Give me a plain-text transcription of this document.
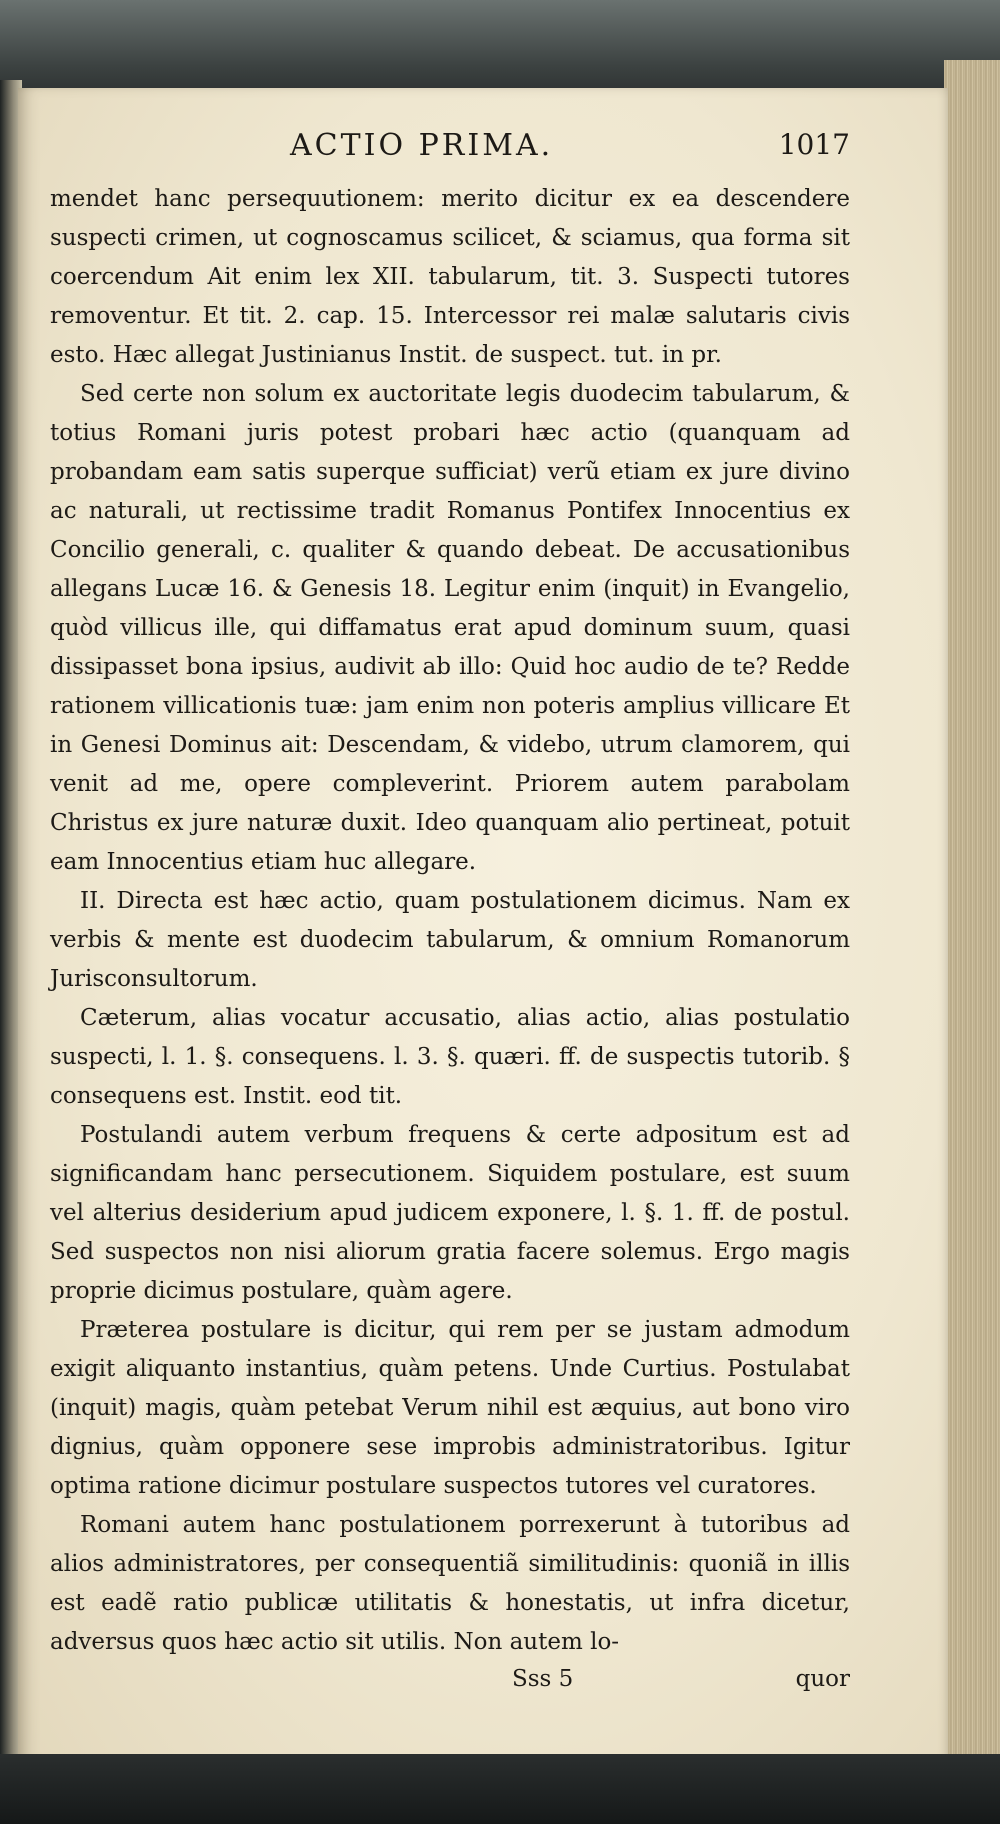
ACTIO PRIMA.	1017

mendet hanc persequutionem: merito dicitur ex ea descendere suspecti crimen, ut cognoscamus scilicet, & sciamus, qua forma sit coercendum Ait enim lex XII. tabularum, tit. 3. Suspecti tutores removentur. Et tit. 2. cap. 15. Intercessor rei malæ salutaris civis esto. Hæc allegat Justinianus Instit. de suspect. tut. in pr.

Sed certe non solum ex auctoritate legis duodecim tabularum, & totius Romani juris potest probari hæc actio (quanquam ad probandam eam satis superque sufficiat) verũ etiam ex jure divino ac naturali, ut rectissime tradit Romanus Pontifex Innocentius ex Concilio generali, c. qualiter & quando debeat. De accusationibus allegans Lucæ 16. & Genesis 18. Legitur enim (inquit) in Evangelio, quòd villicus ille, qui diffamatus erat apud dominum suum, quasi dissipasset bona ipsius, audivit ab illo: Quid hoc audio de te? Redde rationem villicationis tuæ: jam enim non poteris amplius villicare Et in Genesi Dominus ait: Descendam, & videbo, utrum clamorem, qui venit ad me, opere compleverint. Priorem autem parabolam Christus ex jure naturæ duxit. Ideo quanquam alio pertineat, potuit eam Innocentius etiam huc allegare.

II. Directa est hæc actio, quam postulationem dicimus. Nam ex verbis & mente est duodecim tabularum, & omnium Romanorum Jurisconsultorum.

Cæterum, alias vocatur accusatio, alias actio, alias postulatio suspecti, l. 1. §. consequens. l. 3. §. quæri. ff. de suspectis tutorib. § consequens est. Instit. eod tit.

Postulandi autem verbum frequens & certe adpositum est ad significandam hanc persecutionem. Siquidem postulare, est suum vel alterius desiderium apud judicem exponere, l. §. 1. ff. de postul. Sed suspectos non nisi aliorum gratia facere solemus. Ergo magis proprie dicimus postulare, quàm agere.

Præterea postulare is dicitur, qui rem per se justam admodum exigit aliquanto instantius, quàm petens. Unde Curtius. Postulabat (inquit) magis, quàm petebat Verum nihil est æquius, aut bono viro dignius, quàm opponere sese improbis administratoribus. Igitur optima ratione dicimur postulare suspectos tutores vel curatores.

Romani autem hanc postulationem porrexerunt à tutoribus ad alios administratores, per consequentiã similitudinis: quoniã in illis est eadẽ ratio publicæ utilitatis & honestatis, ut infra dicetur, adversus quos hæc actio sit utilis. Non autem lo-

Sss 5	quor
